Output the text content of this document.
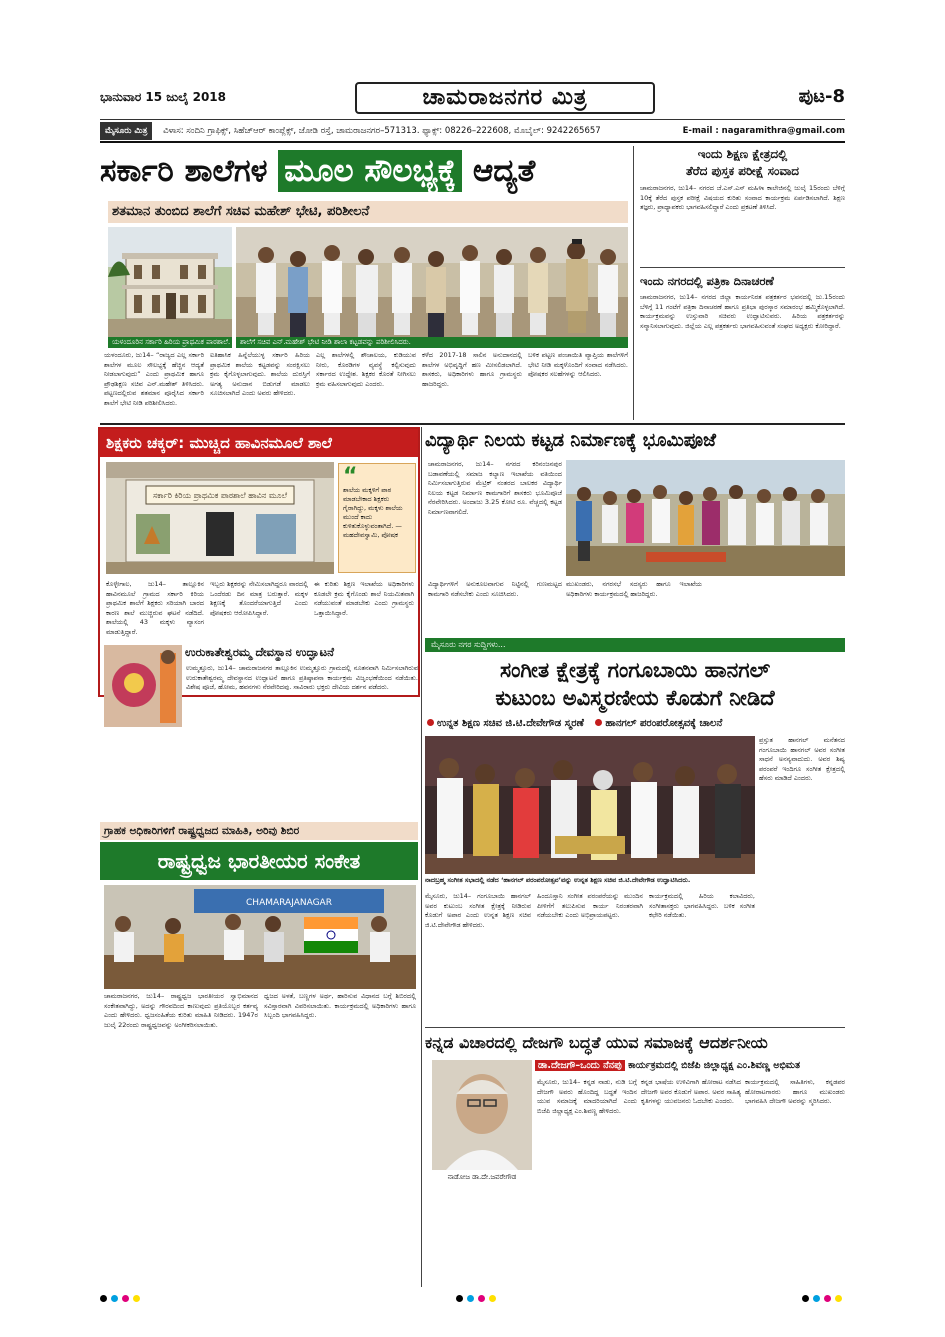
ಭಾನುವಾರ 15 ಜುಲೈ 2018	ಚಾಮರಾಜನಗರ ಮಿತ್ರ	ಪುಟ-8
ಮೈಸೂರು ಮಿತ್ರ ವಿಳಾಸ: ಸಂದಿನಿ ಗ್ರಾಫಿಕ್ಸ್, ಸಿಹೆಚ್‌ಆರ್ ಕಾಂಪ್ಲೆಕ್ಸ್, ಜೋಡಿ ರಸ್ತೆ, ಚಾಮರಾಜನಗರ–571313. ಫ್ಯಾಕ್ಸ್: 08226–222608, ಮೊಬೈಲ್: 9242265657	E-mail : nagaramithra@gmail.com
ಸರ್ಕಾರಿ ಶಾಲೆಗಳ ಮೂಲ ಸೌಲಭ್ಯಕ್ಕೆ ಆದ್ಯತೆ
ಶತಮಾನ ತುಂಬಿದ ಶಾಲೆಗೆ ಸಚಿವ ಮಹೇಶ್ ಭೇಟಿ, ಪರಿಶೀಲನೆ
ಯಳಂದೂರಿನ ಸರ್ಕಾರಿ ಹಿರಿಯ ಪ್ರಾಥಮಿಕ ಪಾಠಶಾಲೆ.	ಶಾಲೆಗೆ ಸಚಿವ ಎನ್.ಮಹೇಶ್ ಭೇಟಿ ನೀಡಿ ಶಾಲಾ ಕಟ್ಟಡವನ್ನು ಪರಿಶೀಲಿಸಿದರು.
ಯಳಂದೂರು, ಜು14– “ರಾಜ್ಯದ ಎಲ್ಲ ಸರ್ಕಾರಿ ಶಾಲೆಗಳ ಮೂಲ ಸೌಲಭ್ಯಕ್ಕೆ ಹೆಚ್ಚಿನ ಆದ್ಯತೆ ನೀಡಲಾಗುವುದು” ಎಂದು ಪ್ರಾಥಮಿಕ ಹಾಗೂ ಪ್ರೌಢಶಿಕ್ಷಣ ಸಚಿವ ಎನ್.ಮಹೇಶ್ ತಿಳಿಸಿದರು. ಪಟ್ಟಣದಲ್ಲಿರುವ ಶತಮಾನ ಪೂರೈಸಿದ ಸರ್ಕಾರಿ ಶಾಲೆಗೆ ಭೇಟಿ ನೀಡಿ ಪರಿಶೀಲಿಸಿದರು.
ಐತಿಹಾಸಿಕ ಹಿನ್ನೆಲೆಯುಳ್ಳ ಸರ್ಕಾರಿ ಹಿರಿಯ ಪ್ರಾಥಮಿಕ ಶಾಲೆಯ ಕಟ್ಟಡವನ್ನು ಸಂರಕ್ಷಿಸಲು ಕ್ರಮ ಕೈಗೊಳ್ಳಲಾಗುವುದು. ಶಾಲೆಯ ದುರಸ್ತಿಗೆ ಅಗತ್ಯ ಅನುದಾನ ಬಿಡುಗಡೆ ಮಾಡಲು ಸೂಚಿಸಲಾಗಿದೆ ಎಂದು ಅವರು ಹೇಳಿದರು.
ಎಲ್ಲ ಶಾಲೆಗಳಲ್ಲಿ ಶೌಚಾಲಯ, ಕುಡಿಯುವ ನೀರು, ಕೊಠಡಿಗಳ ವ್ಯವಸ್ಥೆ ಕಲ್ಪಿಸುವುದು ಸರ್ಕಾರದ ಉದ್ದೇಶ. ಶಿಕ್ಷಕರ ಕೊರತೆ ನೀಗಿಸಲು ಕ್ರಮ ವಹಿಸಲಾಗುವುದು ಎಂದರು.
ಕಳೆದ 2017-18 ಸಾಲಿನ ಅನುದಾನದಲ್ಲಿ ಶಾಲೆಗಳ ಅಭಿವೃದ್ಧಿಗೆ ಹಣ ಮೀಸಲಿಡಲಾಗಿದೆ. ಶಾಸಕರು, ಅಧಿಕಾರಿಗಳು ಹಾಗೂ ಗ್ರಾಮಸ್ಥರು ಹಾಜರಿದ್ದರು.
ಬಳಿಕ ಪಟ್ಟಣ ಪಂಚಾಯಿತಿ ವ್ಯಾಪ್ತಿಯ ಶಾಲೆಗಳಿಗೆ ಭೇಟಿ ನೀಡಿ ಮಕ್ಕಳೊಂದಿಗೆ ಸಂವಾದ ನಡೆಸಿದರು. ಪೋಷಕರ ಸಲಹೆಗಳನ್ನು ಆಲಿಸಿದರು.
ಇಂದು ಶಿಕ್ಷಣ ಕ್ಷೇತ್ರದಲ್ಲಿ
ತೆರೆದ ಪುಸ್ತಕ ಪರೀಕ್ಷೆ ಸಂವಾದ
ಚಾಮರಾಜನಗರ, ಜು14– ನಗರದ ಜೆ.ಎಸ್.ಎಸ್ ಮಹಿಳಾ ಕಾಲೇಜಿನಲ್ಲಿ ಜುಲೈ 15ರಂದು ಬೆಳಿಗ್ಗೆ 10ಕ್ಕೆ ತೆರೆದ ಪುಸ್ತಕ ಪರೀಕ್ಷೆ ವಿಷಯದ ಕುರಿತು ಸಂವಾದ ಕಾರ್ಯಕ್ರಮ ಏರ್ಪಡಿಸಲಾಗಿದೆ. ಶಿಕ್ಷಣ ತಜ್ಞರು, ಪ್ರಾಧ್ಯಾಪಕರು ಭಾಗವಹಿಸಲಿದ್ದಾರೆ ಎಂದು ಪ್ರಕಟಣೆ ತಿಳಿಸಿದೆ.
ಇಂದು ನಗರದಲ್ಲಿ ಪತ್ರಿಕಾ ದಿನಾಚರಣೆ
ಚಾಮರಾಜನಗರ, ಜು14– ನಗರದ ಜಿಲ್ಲಾ ಕಾರ್ಯನಿರತ ಪತ್ರಕರ್ತರ ಭವನದಲ್ಲಿ ಜು.15ರಂದು ಬೆಳಿಗ್ಗೆ 11 ಗಂಟೆಗೆ ಪತ್ರಿಕಾ ದಿನಾಚರಣೆ ಹಾಗೂ ಪ್ರತಿಭಾ ಪುರಸ್ಕಾರ ಸಮಾರಂಭ ಹಮ್ಮಿಕೊಳ್ಳಲಾಗಿದೆ. ಕಾರ್ಯಕ್ರಮವನ್ನು ಉಸ್ತುವಾರಿ ಸಚಿವರು ಉದ್ಘಾಟಿಸುವರು. ಹಿರಿಯ ಪತ್ರಕರ್ತರನ್ನು ಸನ್ಮಾನಿಸಲಾಗುವುದು. ಜಿಲ್ಲೆಯ ಎಲ್ಲ ಪತ್ರಕರ್ತರು ಭಾಗವಹಿಸುವಂತೆ ಸಂಘದ ಅಧ್ಯಕ್ಷರು ಕೋರಿದ್ದಾರೆ.
ಶಿಕ್ಷಕರು ಚಕ್ಕರ್: ಮುಚ್ಚಿದ ಹಾವಿನಮೂಲೆ ಶಾಲೆ
ಸರ್ಕಾರಿ ಕಿರಿಯ ಪ್ರಾಥಮಿಕ ಪಾಠಶಾಲೆ ಹಾವಿನ ಮೂಲೆ
“
ಶಾಲೆಯ ಮಕ್ಕಳಿಗೆ ಪಾಠ ಮಾಡಬೇಕಾದ ಶಿಕ್ಷಕರು ಗೈರಾಗಿದ್ದು, ಮಕ್ಕಳು ಶಾಲೆಯ ಮುಂದೆ ಕಾದು ಕುಳಿತುಕೊಳ್ಳುವಂತಾಗಿದೆ. —ಮಹದೇವಸ್ವಾಮಿ, ಪೋಷಕ
ಕೊಳ್ಳೇಗಾಲ, ಜು14– ತಾಲ್ಲೂಕಿನ ಹಾವಿನಮೂಲೆ ಗ್ರಾಮದ ಸರ್ಕಾರಿ ಕಿರಿಯ ಪ್ರಾಥಮಿಕ ಶಾಲೆಗೆ ಶಿಕ್ಷಕರು ಸರಿಯಾಗಿ ಬಾರದ ಕಾರಣ ಶಾಲೆ ಮುಚ್ಚಿರುವ ಘಟನೆ ನಡೆದಿದೆ. ಶಾಲೆಯಲ್ಲಿ 43 ಮಕ್ಕಳು ವ್ಯಾಸಂಗ ಮಾಡುತ್ತಿದ್ದಾರೆ.
ಇಬ್ಬರು ಶಿಕ್ಷಕರನ್ನು ನೇಮಿಸಲಾಗಿದ್ದರೂ ವಾರದಲ್ಲಿ ಒಂದೆರಡು ದಿನ ಮಾತ್ರ ಬರುತ್ತಾರೆ. ಮಕ್ಕಳ ಶಿಕ್ಷಣಕ್ಕೆ ತೊಂದರೆಯಾಗುತ್ತಿದೆ ಎಂದು ಪೋಷಕರು ಆರೋಪಿಸಿದ್ದಾರೆ.
ಈ ಕುರಿತು ಶಿಕ್ಷಣ ಇಲಾಖೆಯ ಅಧಿಕಾರಿಗಳು ಕೂಡಲೇ ಕ್ರಮ ಕೈಗೊಂಡು ಶಾಲೆ ನಿಯಮಿತವಾಗಿ ನಡೆಯುವಂತೆ ಮಾಡಬೇಕು ಎಂದು ಗ್ರಾಮಸ್ಥರು ಒತ್ತಾಯಿಸಿದ್ದಾರೆ.
ವಿದ್ಯಾರ್ಥಿ ನಿಲಯ ಕಟ್ಟಡ ನಿರ್ಮಾಣಕ್ಕೆ ಭೂಮಿಪೂಜೆ
ಚಾಮರಾಜನಗರ, ಜು14– ನಗರದ ಕರಿನಂಜನಪುರ ಬಡಾವಣೆಯಲ್ಲಿ ಸಮಾಜ ಕಲ್ಯಾಣ ಇಲಾಖೆಯ ವತಿಯಿಂದ ನಿರ್ಮಿಸಲಾಗುತ್ತಿರುವ ಮೆಟ್ರಿಕ್ ನಂತರದ ಬಾಲಕರ ವಿದ್ಯಾರ್ಥಿ ನಿಲಯ ಕಟ್ಟಡ ನಿರ್ಮಾಣ ಕಾಮಗಾರಿಗೆ ಶಾಸಕರು ಭೂಮಿಪೂಜೆ ನೆರವೇರಿಸಿದರು. ಅಂದಾಜು 3.25 ಕೋಟಿ ರೂ. ವೆಚ್ಚದಲ್ಲಿ ಕಟ್ಟಡ ನಿರ್ಮಾಣವಾಗಲಿದೆ.
ವಿದ್ಯಾರ್ಥಿಗಳಿಗೆ ಅನುಕೂಲವಾಗುವ ನಿಟ್ಟಿನಲ್ಲಿ ಗುಣಮಟ್ಟದ ಕಾಮಗಾರಿ ನಡೆಸಬೇಕು ಎಂದು ಸೂಚಿಸಿದರು.
ಮುಖಂಡರು, ನಗರಸಭೆ ಸದಸ್ಯರು ಹಾಗೂ ಇಲಾಖೆಯ ಅಧಿಕಾರಿಗಳು ಕಾರ್ಯಕ್ರಮದಲ್ಲಿ ಹಾಜರಿದ್ದರು.
ಮೈಸೂರು ನಗರ ಸುದ್ದಿಗಳು...
ಸಂಗೀತ ಕ್ಷೇತ್ರಕ್ಕೆ ಗಂಗೂಬಾಯಿ ಹಾನಗಲ್
ಕುಟುಂಬ ಅವಿಸ್ಮರಣೀಯ ಕೊಡುಗೆ ನೀಡಿದೆ
ಉನ್ನತ ಶಿಕ್ಷಣ ಸಚಿವ ಜಿ.ಟಿ.ದೇವೇಗೌಡ ಸ್ಮರಣೆ ಹಾನಗಲ್ ಪರಂಪರೋತ್ಸವಕ್ಕೆ ಚಾಲನೆ
ನಾದಬ್ರಹ್ಮ ಸಂಗೀತ ಸಭಾದಲ್ಲಿ ನಡೆದ ‘ಹಾನಗಲ್ ಪರಂಪರೋತ್ಸವ’ವನ್ನು ಉನ್ನತ ಶಿಕ್ಷಣ ಸಚಿವ ಜಿ.ಟಿ.ದೇವೇಗೌಡ ಉದ್ಘಾಟಿಸಿದರು.
ಪ್ರಸ್ತುತ ಹಾನಗಲ್ ಮನೆತನದ ಗಂಗೂಬಾಯಿ ಹಾನಗಲ್ ಅವರ ಸಂಗೀತ ಸಾಧನೆ ಅನನ್ಯವಾದುದು. ಅವರ ಶಿಷ್ಯ ಪರಂಪರೆ ಇಂದಿಗೂ ಸಂಗೀತ ಕ್ಷೇತ್ರದಲ್ಲಿ ಹೆಸರು ಮಾಡಿದೆ ಎಂದರು.
ಮೈಸೂರು, ಜು14– ಗಂಗೂಬಾಯಿ ಹಾನಗಲ್ ಅವರ ಕುಟುಂಬ ಸಂಗೀತ ಕ್ಷೇತ್ರಕ್ಕೆ ನೀಡಿರುವ ಕೊಡುಗೆ ಅಪಾರ ಎಂದು ಉನ್ನತ ಶಿಕ್ಷಣ ಸಚಿವ ಜಿ.ಟಿ.ದೇವೇಗೌಡ ಹೇಳಿದರು.
ಹಿಂದೂಸ್ತಾನಿ ಸಂಗೀತ ಪರಂಪರೆಯನ್ನು ಮುಂದಿನ ಪೀಳಿಗೆಗೆ ತಲುಪಿಸುವ ಕಾರ್ಯ ನಿರಂತರವಾಗಿ ನಡೆಯಬೇಕು ಎಂದು ಅಭಿಪ್ರಾಯಪಟ್ಟರು.
ಕಾರ್ಯಕ್ರಮದಲ್ಲಿ ಹಿರಿಯ ಕಲಾವಿದರು, ಸಂಗೀತಾಸಕ್ತರು ಭಾಗವಹಿಸಿದ್ದರು. ಬಳಿಕ ಸಂಗೀತ ಕಛೇರಿ ನಡೆಯಿತು.
ಉರುಕಾತೇಶ್ವರಮ್ಮ ದೇವಸ್ಥಾನ ಉದ್ಘಾಟನೆ
ಉಮ್ಮತ್ತೂರು, ಜು14– ಚಾಮರಾಜನಗರ ತಾಲ್ಲೂಕಿನ ಉಮ್ಮತ್ತೂರು ಗ್ರಾಮದಲ್ಲಿ ನೂತನವಾಗಿ ನಿರ್ಮಿಸಲಾಗಿರುವ ಉರುಕಾತೇಶ್ವರಮ್ಮ ದೇವಸ್ಥಾನದ ಉದ್ಘಾಟನೆ ಹಾಗೂ ಪ್ರತಿಷ್ಠಾಪನಾ ಕಾರ್ಯಕ್ರಮ ವಿಜೃಂಭಣೆಯಿಂದ ನಡೆಯಿತು. ವಿಶೇಷ ಪೂಜೆ, ಹೋಮ, ಹವನಗಳು ನೆರವೇರಿದವು. ಸಾವಿರಾರು ಭಕ್ತರು ದೇವಿಯ ದರ್ಶನ ಪಡೆದರು.
ಗ್ರಾಹಕ ಅಧಿಕಾರಿಗಳಿಗೆ ರಾಷ್ಟ್ರಧ್ವಜದ ಮಾಹಿತಿ, ಅರಿವು ಶಿಬಿರ
ರಾಷ್ಟ್ರಧ್ವಜ ಭಾರತೀಯರ ಸಂಕೇತ
CHAMARAJANAGAR
ಚಾಮರಾಜನಗರ, ಜು14– ರಾಷ್ಟ್ರಧ್ವಜ ಭಾರತೀಯರ ಸ್ವಾಭಿಮಾನದ ಸಂಕೇತವಾಗಿದ್ದು, ಅದನ್ನು ಗೌರವದಿಂದ ಕಾಣುವುದು ಪ್ರತಿಯೊಬ್ಬರ ಕರ್ತವ್ಯ ಎಂದು ಹೇಳಿದರು. ಧ್ವಜಸಂಹಿತೆಯ ಕುರಿತು ಮಾಹಿತಿ ನೀಡಿದರು. 1947ರ ಜುಲೈ 22ರಂದು ರಾಷ್ಟ್ರಧ್ವಜವನ್ನು ಅಂಗೀಕರಿಸಲಾಯಿತು.
ಧ್ವಜದ ಅಳತೆ, ಬಣ್ಣಗಳ ಅರ್ಥ, ಹಾರಿಸುವ ವಿಧಾನದ ಬಗ್ಗೆ ಶಿಬಿರದಲ್ಲಿ ಸವಿಸ್ತಾರವಾಗಿ ವಿವರಿಸಲಾಯಿತು. ಕಾರ್ಯಕ್ರಮದಲ್ಲಿ ಅಧಿಕಾರಿಗಳು ಹಾಗೂ ಸಿಬ್ಬಂದಿ ಭಾಗವಹಿಸಿದ್ದರು.
ಕನ್ನಡ ವಿಚಾರದಲ್ಲಿ ದೇಜಗೌ ಬದ್ಧತೆ ಯುವ ಸಮಾಜಕ್ಕೆ ಆದರ್ಶನೀಯ
ಡಾ.ದೇಜಗೌ–ಒಂದು ನೆನಪು ಕಾರ್ಯಕ್ರಮದಲ್ಲಿ ಬಿಜೆಪಿ ಜಿಲ್ಲಾಧ್ಯಕ್ಷ ಎಂ.ಶಿವಣ್ಣ ಅಭಿಮತ
ನಾಡೋಜ ಡಾ.ದೇ.ಜವರೇಗೌಡ
ಮೈಸೂರು, ಜು14– ಕನ್ನಡ ನಾಡು, ನುಡಿ ಬಗ್ಗೆ ದೇಜಗೌ ಅವರು ಹೊಂದಿದ್ದ ಬದ್ಧತೆ ಇಂದಿನ ಯುವ ಸಮಾಜಕ್ಕೆ ಮಾದರಿಯಾಗಿದೆ ಎಂದು ಬಿಜೆಪಿ ಜಿಲ್ಲಾಧ್ಯಕ್ಷ ಎಂ.ಶಿವಣ್ಣ ಹೇಳಿದರು.
ಕನ್ನಡ ಭಾಷೆಯ ಉಳಿವಿಗಾಗಿ ಹೋರಾಟ ನಡೆಸಿದ ದೇಜಗೌ ಅವರ ಕೊಡುಗೆ ಅಪಾರ. ಅವರ ಸಾಹಿತ್ಯ ಕೃತಿಗಳನ್ನು ಯುವಜನರು ಓದಬೇಕು ಎಂದರು.
ಕಾರ್ಯಕ್ರಮದಲ್ಲಿ ಸಾಹಿತಿಗಳು, ಕನ್ನಡಪರ ಹೋರಾಟಗಾರರು ಹಾಗೂ ಮುಖಂಡರು ಭಾಗವಹಿಸಿ ದೇಜಗೌ ಅವರನ್ನು ಸ್ಮರಿಸಿದರು.
